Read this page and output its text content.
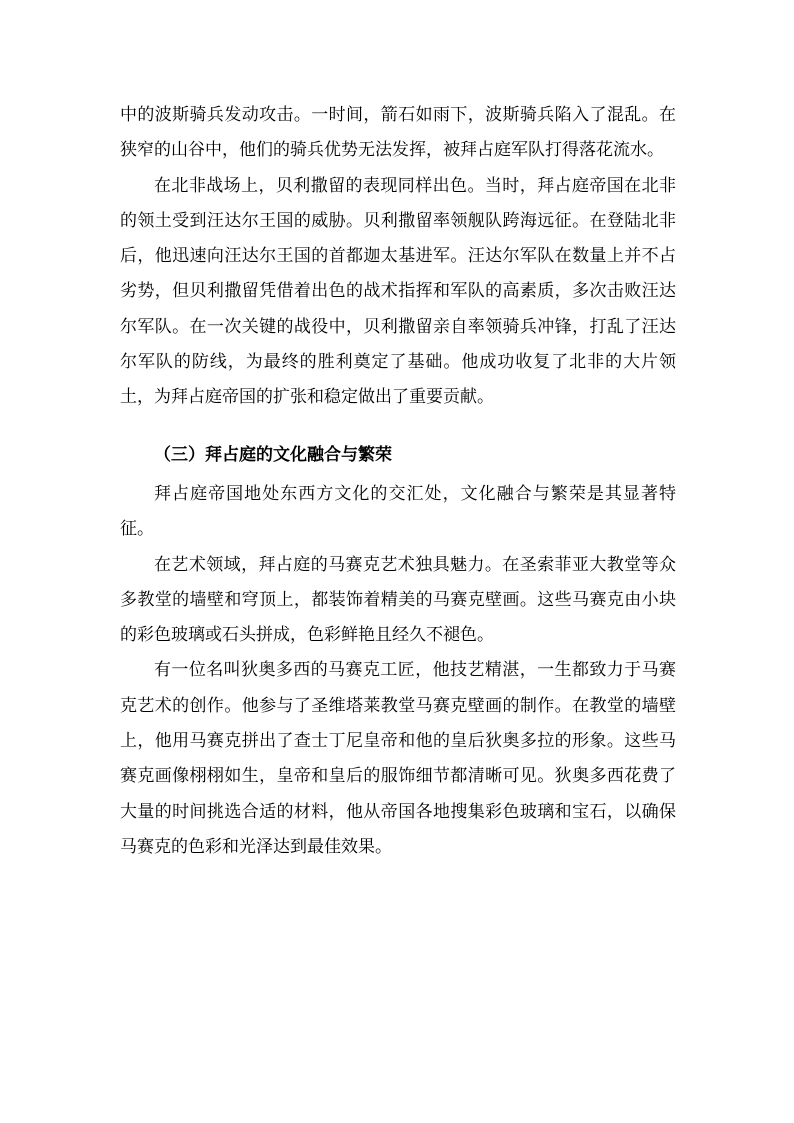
中的波斯骑兵发动攻击。一时间，箭石如雨下，波斯骑兵陷入了混乱。在狭窄的山谷中，他们的骑兵优势无法发挥，被拜占庭军队打得落花流水。

在北非战场上，贝利撒留的表现同样出色。当时，拜占庭帝国在北非的领土受到汪达尔王国的威胁。贝利撒留率领舰队跨海远征。在登陆北非后，他迅速向汪达尔王国的首都迦太基进军。汪达尔军队在数量上并不占劣势，但贝利撒留凭借着出色的战术指挥和军队的高素质，多次击败汪达尔军队。在一次关键的战役中，贝利撒留亲自率领骑兵冲锋，打乱了汪达尔军队的防线，为最终的胜利奠定了基础。他成功收复了北非的大片领土，为拜占庭帝国的扩张和稳定做出了重要贡献。

（三）拜占庭的文化融合与繁荣

拜占庭帝国地处东西方文化的交汇处，文化融合与繁荣是其显著特征。

在艺术领域，拜占庭的马赛克艺术独具魅力。在圣索菲亚大教堂等众多教堂的墙壁和穹顶上，都装饰着精美的马赛克壁画。这些马赛克由小块的彩色玻璃或石头拼成，色彩鲜艳且经久不褪色。

有一位名叫狄奥多西的马赛克工匠，他技艺精湛，一生都致力于马赛克艺术的创作。他参与了圣维塔莱教堂马赛克壁画的制作。在教堂的墙壁上，他用马赛克拼出了查士丁尼皇帝和他的皇后狄奥多拉的形象。这些马赛克画像栩栩如生，皇帝和皇后的服饰细节都清晰可见。狄奥多西花费了大量的时间挑选合适的材料，他从帝国各地搜集彩色玻璃和宝石，以确保马赛克的色彩和光泽达到最佳效果。
